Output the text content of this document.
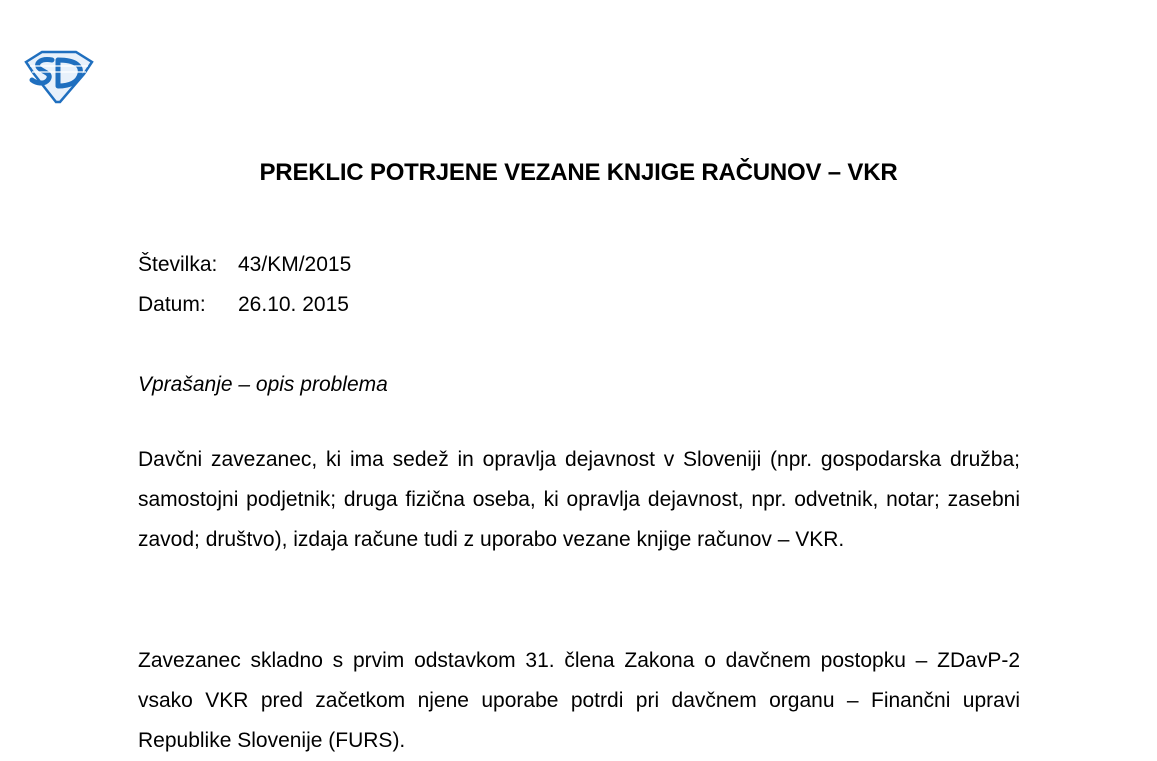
PREKLIC POTRJENE VEZANE KNJIGE RAČUNOV – VKR
Številka: 43/KM/2015
Datum: 26.10. 2015
Vprašanje – opis problema

Davčni zavezanec, ki ima sedež in opravlja dejavnost v Sloveniji (npr. gospodarska družba; samostojni podjetnik; druga fizična oseba, ki opravlja dejavnost, npr. odvetnik, notar; zasebni zavod; društvo), izdaja račune tudi z uporabo vezane knjige računov – VKR.

Zavezanec skladno s prvim odstavkom 31. člena Zakona o davčnem postopku – ZDavP-2 vsako VKR pred začetkom njene uporabe potrdi pri davčnem organu – Finančni upravi Republike Slovenije (FURS).
